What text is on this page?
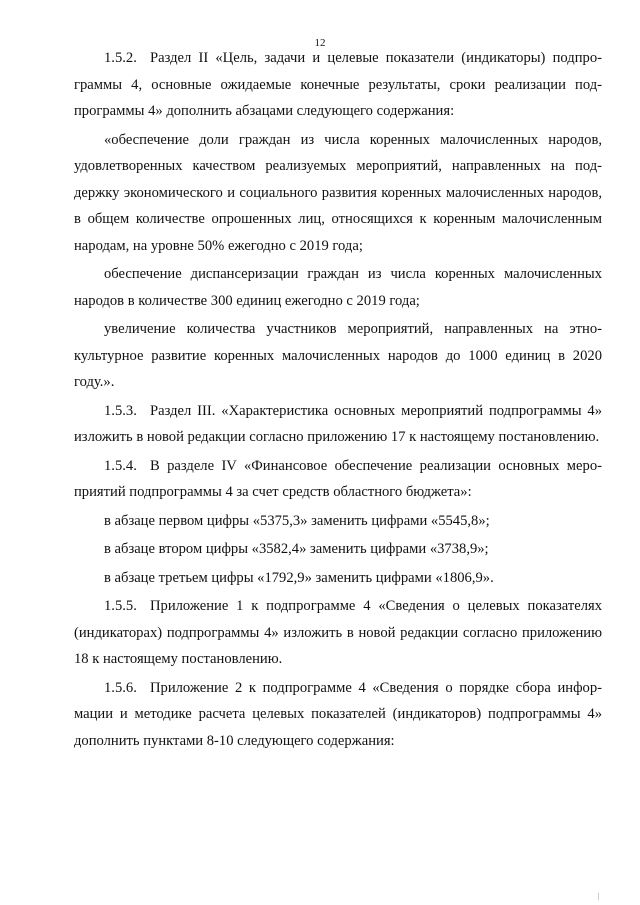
12

1.5.2. Раздел II «Цель, задачи и целевые показатели (индикаторы) подпрограммы 4, основные ожидаемые конечные результаты, сроки реализации подпрограммы 4» дополнить абзацами следующего содержания:

«обеспечение доли граждан из числа коренных малочисленных народов, удовлетворенных качеством реализуемых мероприятий, направленных на поддержку экономического и социального развития коренных малочисленных народов, в общем количестве опрошенных лиц, относящихся к коренным малочисленным народам, на уровне 50% ежегодно с 2019 года;

обеспечение диспансеризации граждан из числа коренных малочисленных народов в количестве 300 единиц ежегодно с 2019 года;

увеличение количества участников мероприятий, направленных на этнокультурное развитие коренных малочисленных народов до 1000 единиц в 2020 году.».

1.5.3. Раздел III. «Характеристика основных мероприятий подпрограммы 4» изложить в новой редакции согласно приложению 17 к настоящему постановлению.

1.5.4. В разделе IV «Финансовое обеспечение реализации основных мероприятий подпрограммы 4 за счет средств областного бюджета»:

в абзаце первом цифры «5375,3» заменить цифрами «5545,8»;

в абзаце втором цифры «3582,4» заменить цифрами «3738,9»;

в абзаце третьем цифры «1792,9» заменить цифрами «1806,9».

1.5.5. Приложение 1 к подпрограмме 4 «Сведения о целевых показателях (индикаторах) подпрограммы 4» изложить в новой редакции согласно приложению 18 к настоящему постановлению.

1.5.6. Приложение 2 к подпрограмме 4 «Сведения о порядке сбора информации и методике расчета целевых показателей (индикаторов) подпрограммы 4» дополнить пунктами 8-10 следующего содержания:
